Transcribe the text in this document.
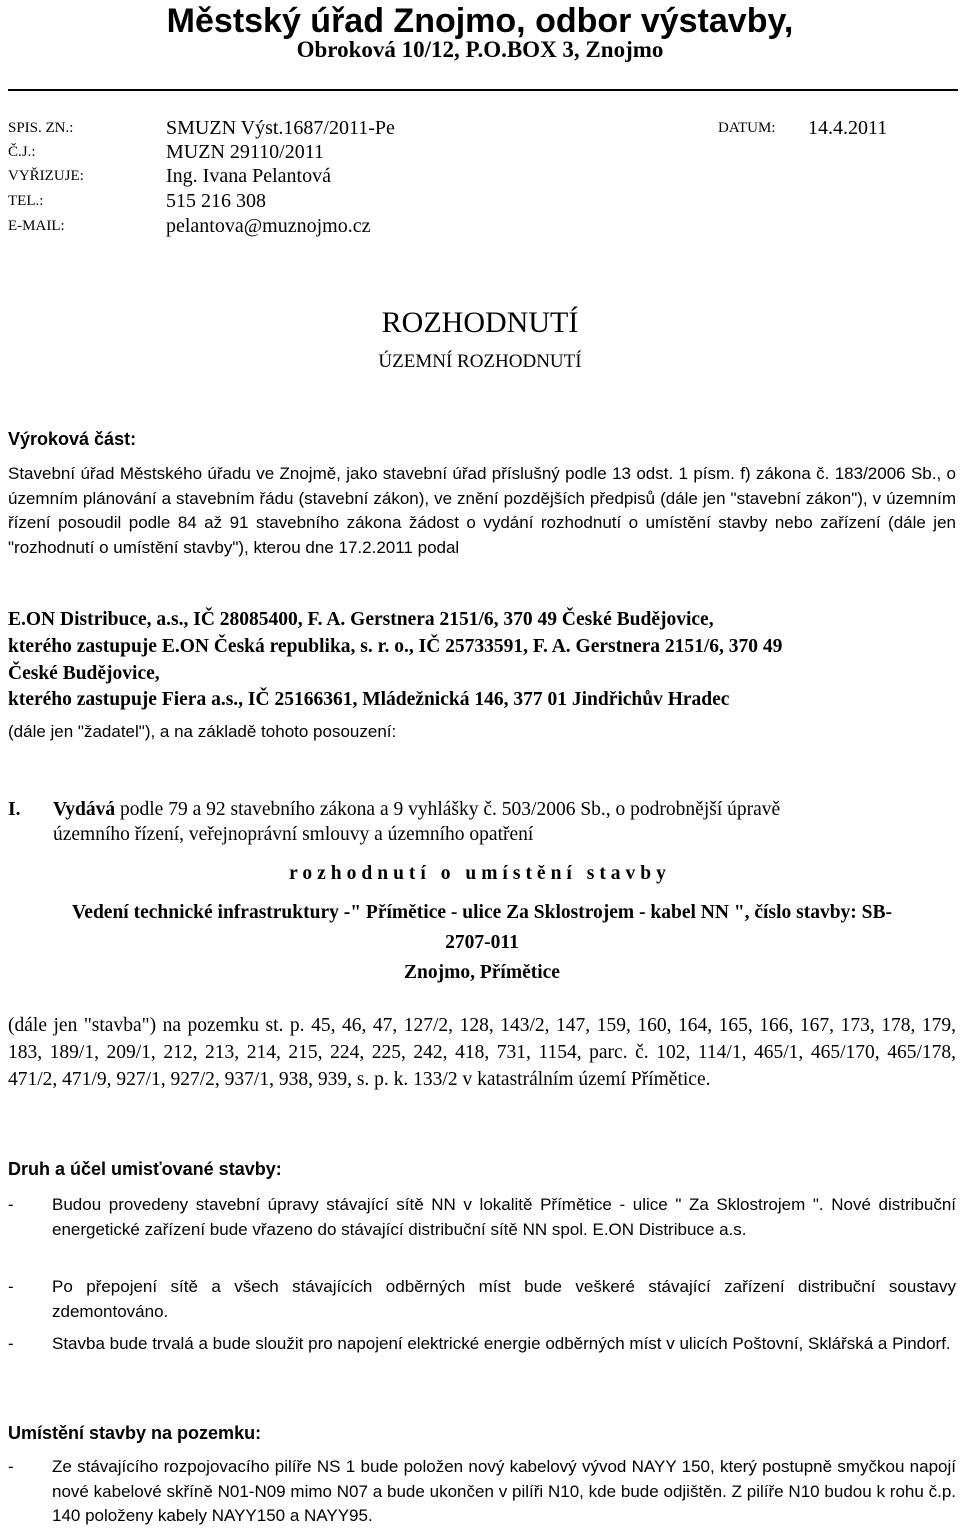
Městský úřad Znojmo, odbor výstavby,
Obroková 10/12, P.O.BOX 3, Znojmo
SPIS. ZN.:	SMUZN Výst.1687/2011-Pe
Č.J.:	MUZN 29110/2011
VYŘIZUJE:	Ing. Ivana Pelantová
TEL.:	515 216 308
E-MAIL:	pelantova@muznojmo.cz
DATUM: 14.4.2011
ROZHODNUTÍ
ÚZEMNÍ ROZHODNUTÍ
Výroková část:
Stavební úřad Městského úřadu ve Znojmě, jako stavební úřad příslušný podle 13 odst. 1 písm. f) zákona č. 183/2006 Sb., o územním plánování a stavebním řádu (stavební zákon), ve znění pozdějších předpisů (dále jen "stavební zákon"), v územním řízení posoudil podle 84 až 91 stavebního zákona žádost o vydání rozhodnutí o umístění stavby nebo zařízení (dále jen "rozhodnutí o umístění stavby"), kterou dne 17.2.2011 podal
E.ON Distribuce, a.s., IČ 28085400, F. A. Gerstnera 2151/6, 370 49 České Budějovice,
kterého zastupuje E.ON Česká republika, s. r. o., IČ 25733591, F. A. Gerstnera 2151/6, 370 49
České Budějovice,
kterého zastupuje Fiera a.s., IČ 25166361, Mládežnická 146, 377 01 Jindřichův Hradec
(dále jen "žadatel"), a na základě tohoto posouzení:
I. Vydává podle 79 a 92 stavebního zákona a 9 vyhlášky č. 503/2006 Sb., o podrobnější úpravě
územního řízení, veřejnoprávní smlouvy a územního opatření
rozhodnutí o umístění stavby
Vedení technické infrastruktury -" Přímětice - ulice Za Sklostrojem - kabel NN ", číslo stavby: SB-
2707-011
Znojmo, Přímětice
(dále jen "stavba") na pozemku st. p. 45, 46, 47, 127/2, 128, 143/2, 147, 159, 160, 164, 165, 166, 167, 173, 178, 179, 183, 189/1, 209/1, 212, 213, 214, 215, 224, 225, 242, 418, 731, 1154, parc. č. 102, 114/1, 465/1, 465/170, 465/178, 471/2, 471/9, 927/1, 927/2, 937/1, 938, 939, s. p. k. 133/2 v katastrálním území Přímětice.
Druh a účel umisťované stavby:
- Budou provedeny stavební úpravy stávající sítě NN v lokalitě Přímětice - ulice " Za Sklostrojem ". Nové distribuční energetické zařízení bude vřazeno do stávající distribuční sítě NN spol. E.ON Distribuce a.s.
- Po přepojení sítě a všech stávajících odběrných míst bude veškeré stávající zařízení distribuční soustavy zdemontováno.
- Stavba bude trvalá a bude sloužit pro napojení elektrické energie odběrných míst v ulicích Poštovní, Sklářská a Pindorf.
Umístění stavby na pozemku:
- Ze stávajícího rozpojovacího pilíře NS 1 bude položen nový kabelový vývod NAYY 150, který postupně smyčkou napojí nové kabelové skříně N01-N09 mimo N07 a bude ukončen v pilíři N10, kde bude odjištěn. Z pilíře N10 budou k rohu č.p. 140 položeny kabely NAYY150 a NAYY95.
